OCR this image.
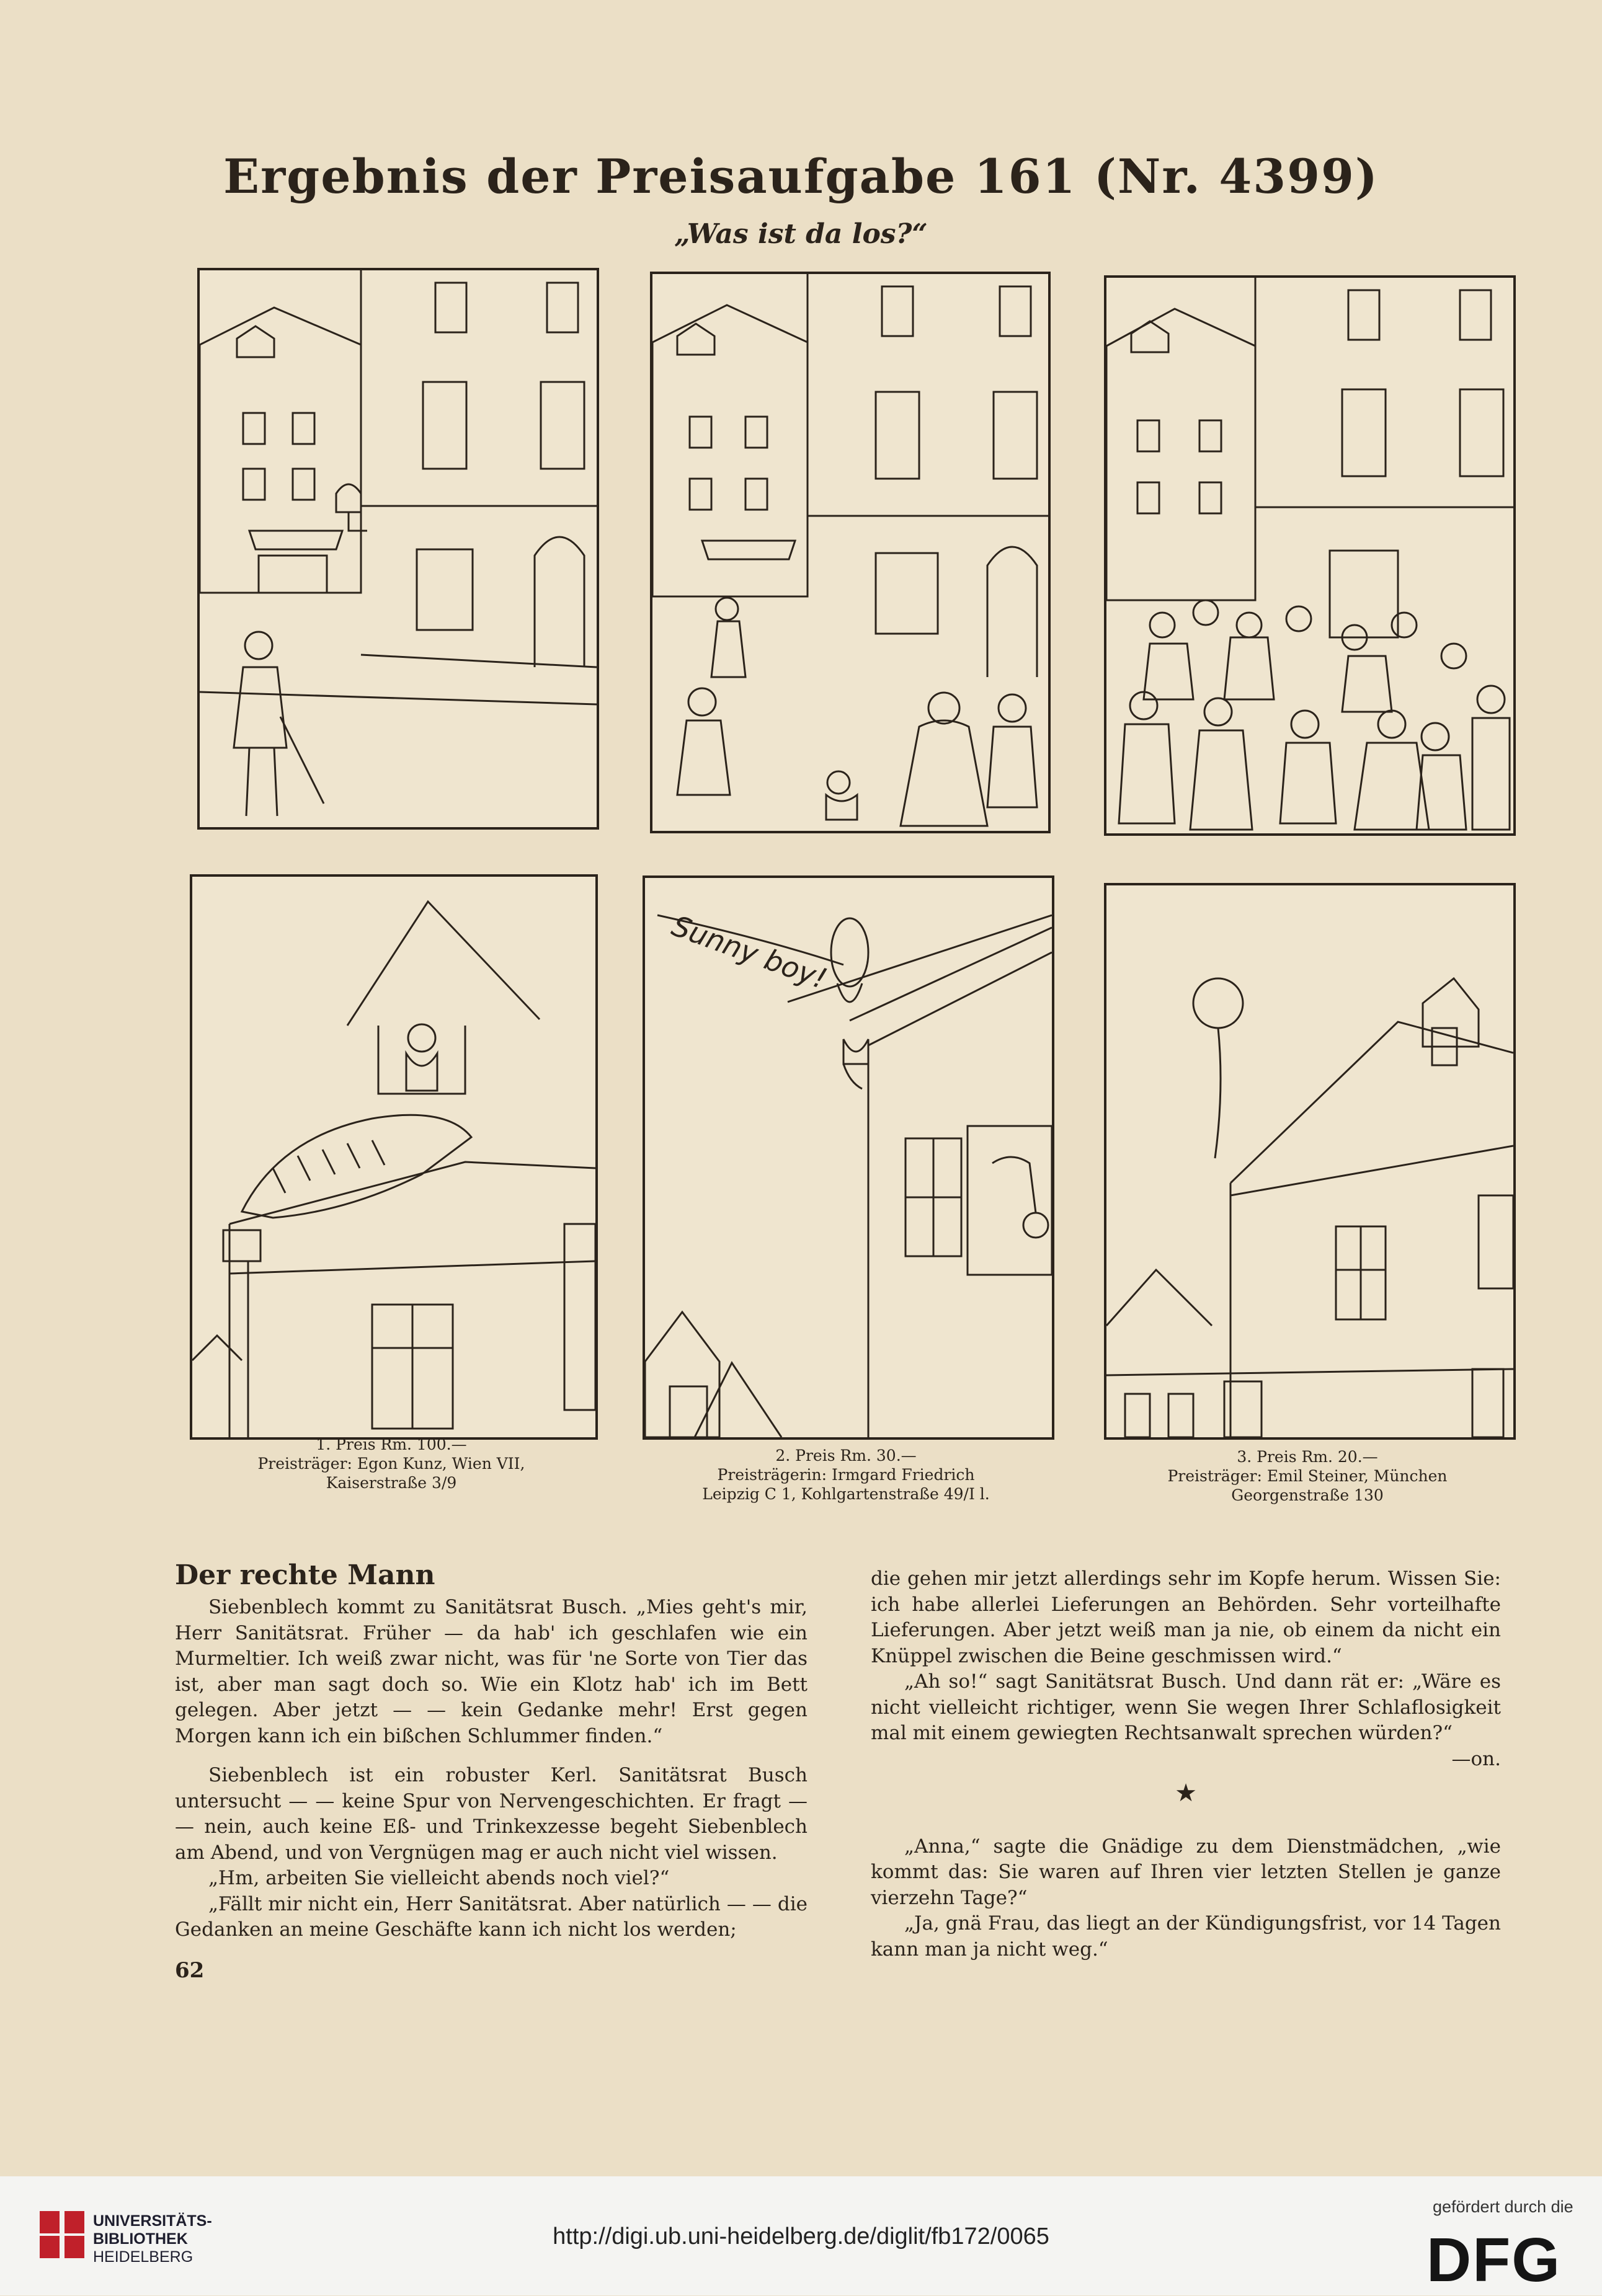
Ergebnis der Preisaufgabe 161 (Nr. 4399)
„Was ist da los?“
Sunny boy!
1. Preis Rm. 100.—
Preisträger: Egon Kunz, Wien VII,
Kaiserstraße 3/9
2. Preis Rm. 30.—
Preisträgerin: Irmgard Friedrich
Leipzig C 1, Kohlgartenstraße 49/I l.
3. Preis Rm. 20.—
Preisträger: Emil Steiner, München
Georgenstraße 130
Der rechte Mann

Siebenblech kommt zu Sanitätsrat Busch. „Mies geht's mir, Herr Sanitätsrat. Früher — da hab' ich geschlafen wie ein Murmeltier. Ich weiß zwar nicht, was für 'ne Sorte von Tier das ist, aber man sagt doch so. Wie ein Klotz hab' ich im Bett gelegen. Aber jetzt — — kein Gedanke mehr! Erst gegen Morgen kann ich ein bißchen Schlummer finden.“

Siebenblech ist ein robuster Kerl. Sanitätsrat Busch untersucht — — keine Spur von Nervengeschichten. Er fragt — — nein, auch keine Eß- und Trinkexzesse begeht Siebenblech am Abend, und von Vergnügen mag er auch nicht viel wissen.

„Hm, arbeiten Sie vielleicht abends noch viel?“

„Fällt mir nicht ein, Herr Sanitätsrat. Aber natürlich — — die Gedanken an meine Geschäfte kann ich nicht los werden;

die gehen mir jetzt allerdings sehr im Kopfe herum. Wissen Sie: ich habe allerlei Lieferungen an Behörden. Sehr vorteilhafte Lieferungen. Aber jetzt weiß man ja nie, ob einem da nicht ein Knüppel zwischen die Beine geschmissen wird.“

„Ah so!“ sagt Sanitätsrat Busch. Und dann rät er: „Wäre es nicht vielleicht richtiger, wenn Sie wegen Ihrer Schlaflosigkeit mal mit einem gewiegten Rechtsanwalt sprechen würden?“

—on.
★

„Anna,“ sagte die Gnädige zu dem Dienstmädchen, „wie kommt das: Sie waren auf Ihren vier letzten Stellen je ganze vierzehn Tage?“

„Ja, gnä Frau, das liegt an der Kündigungsfrist, vor 14 Tagen kann man ja nicht weg.“

62
UNIVERSITÄTS-
BIBLIOTHEK
HEIDELBERG
http://digi.ub.uni-heidelberg.de/diglit/fb172/0065
gefördert durch die
DFG
